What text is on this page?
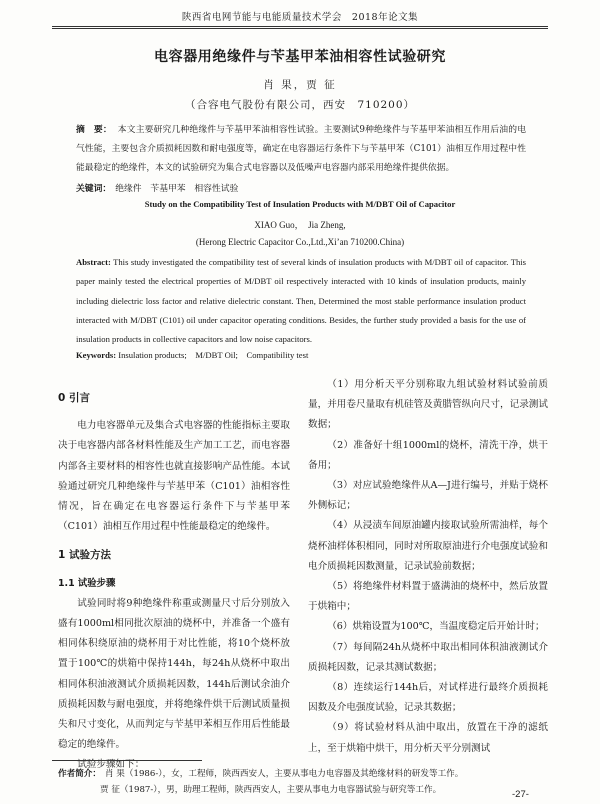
陕西省电网节能与电能质量技术学会　2018年论文集
电容器用绝缘件与苄基甲苯油相容性试验研究
肖 果，贾 征
（合容电气股份有限公司，西安　710200）
摘　要： 本文主要研究几种绝缘件与苄基甲苯油相容性试验。主要测试9种绝缘件与苄基甲苯油相互作用后油的电气性能，主要包含介质损耗因数和耐电强度等，确定在电容器运行条件下与苄基甲苯（C101）油相互作用过程中性能最稳定的绝缘件，本文的试验研究为集合式电容器以及低噪声电容器内部采用绝缘件提供依据。
关键词： 绝缘件　苄基甲苯　相容性试验
Study on the Compatibility Test of Insulation Products with M/DBT Oil of Capacitor
XIAO Guo，　Jia Zheng,
(Herong Electric Capacitor Co.,Ltd.,Xi’an 710200.China)
Abstract: This study investigated the compatibility test of several kinds of insulation products with M/DBT oil of capacitor. This paper mainly tested the electrical properties of M/DBT oil respectively interacted with 10 kinds of insulation products, mainly including dielectric loss factor and relative dielectric constant. Then, Determined the most stable performance insulation product interacted with M/DBT (C101) oil under capacitor operating conditions. Besides, the further study provided a basis for the use of insulation products in collective capacitors and low noise capacitors.
Keywords: Insulation products;　M/DBT Oil;　Compatibility test

0 引言

电力电容器单元及集合式电容器的性能指标主要取决于电容器内部各材料性能及生产加工工艺，而电容器内部各主要材料的相容性也就直接影响产品性能。本试验通过研究几种绝缘件与苄基甲苯（C101）油相容性情况，旨在确定在电容器运行条件下与苄基甲苯（C101）油相互作用过程中性能最稳定的绝缘件。

1 试验方法

1.1 试验步骤

试验同时将9种绝缘件称重或测量尺寸后分别放入盛有1000ml相同批次原油的烧杯中，并准备一个盛有相同体积绕原油的烧杯用于对比性能，将10个烧杯放置于100℃的烘箱中保持144h，每24h从烧杯中取出相同体积油液测试介质损耗因数，144h后测试余油介质损耗因数与耐电强度，并将绝缘件烘干后测试质量损失和尺寸变化，从而判定与苄基甲苯相互作用后性能最稳定的绝缘件。

试验步骤如下：

（1）用分析天平分别称取九组试验材料试验前质量，并用卷尺量取有机硅管及黄腊管纵向尺寸，记录测试数据；

（2）准备好十组1000ml的烧杯，清洗干净，烘干备用；

（3）对应试验绝缘件从A—J进行编号，并贴于烧杯外侧标记；

（4）从浸渍车间原油罐内接取试验所需油样，每个烧杯油样体积相同，同时对所取原油进行介电强度试验和电介质损耗因数测量，记录试验前数据；

（5）将绝缘件材料置于盛满油的烧杯中，然后放置于烘箱中；

（6）烘箱设置为100℃，当温度稳定后开始计时；

（7）每间隔24h从烧杯中取出相同体积油液测试介质损耗因数，记录其测试数据；

（8）连续运行144h后，对试样进行最终介质损耗因数及介电强度试验，记录其数据；

（9）将试验材料从油中取出，放置在干净的滤纸上，至于烘箱中烘干，用分析天平分别测试

作者简介： 肖 果（1986-），女，工程师，陕西西安人，主要从事电力电容器及其绝缘材料的研发等工作。
贾 征（1987-），男，助理工程师，陕西西安人，主要从事电力电容器试验与研究等工作。	-27-
